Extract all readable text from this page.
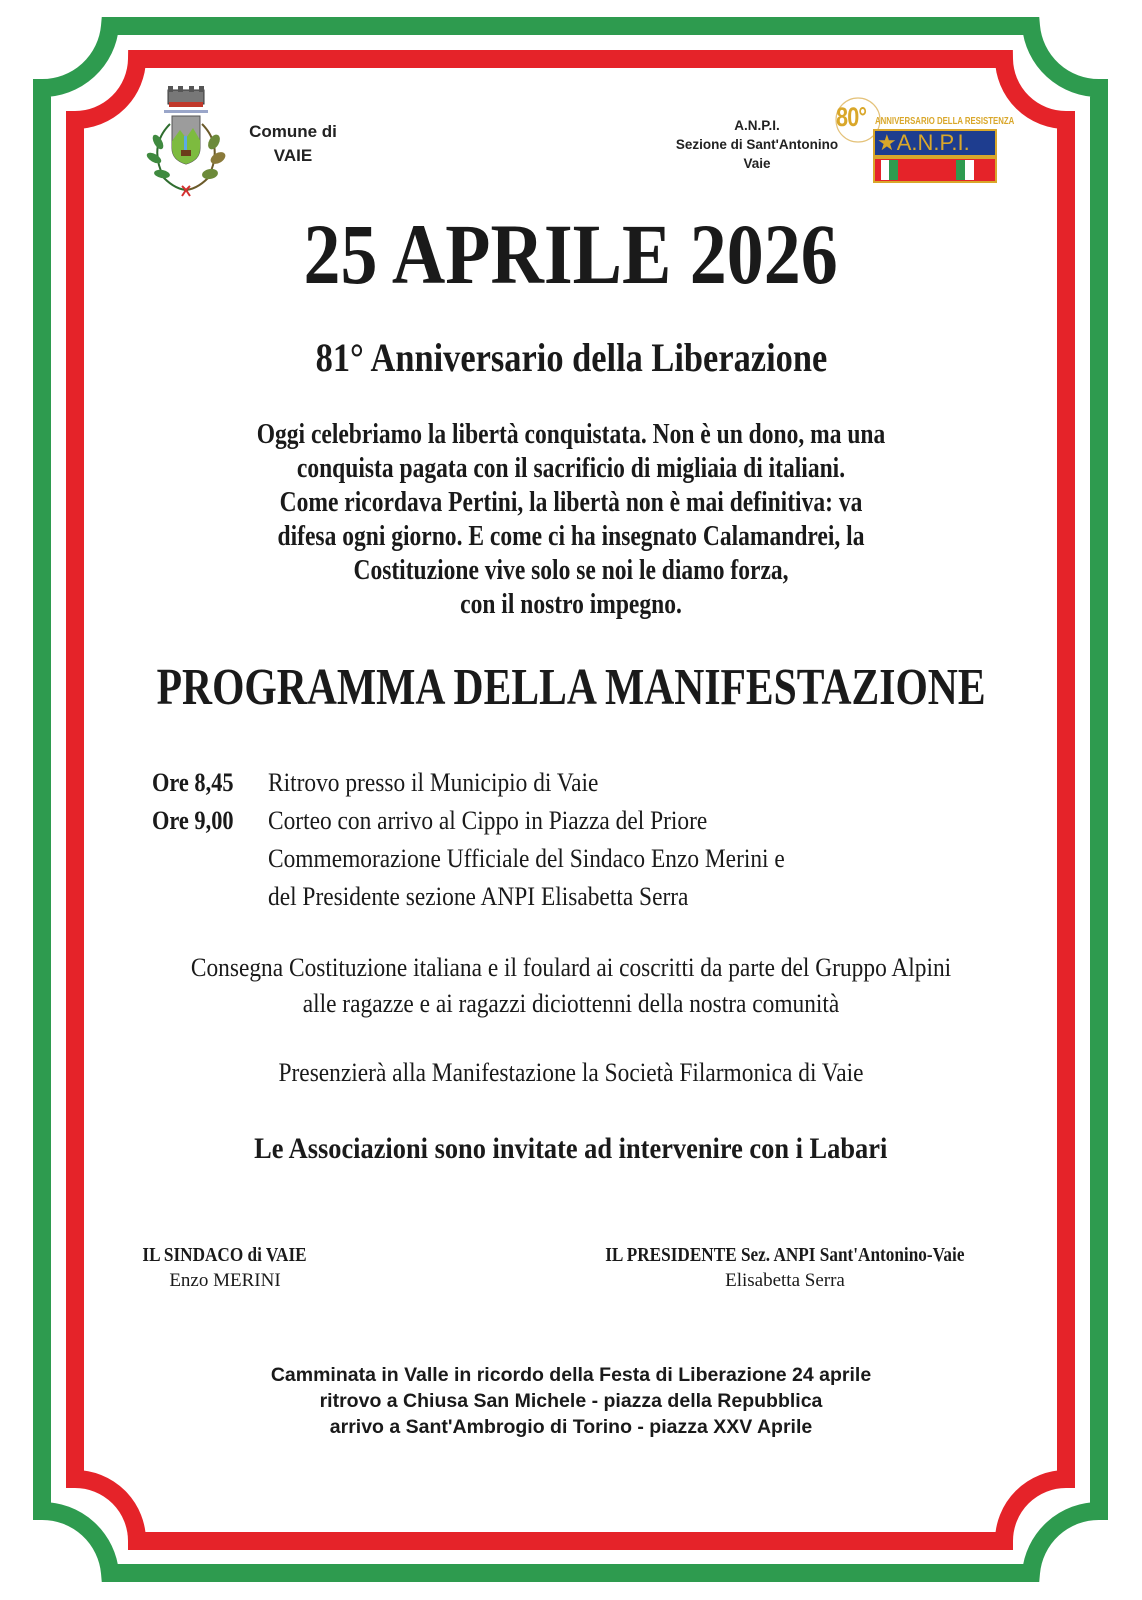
Comune di
VAIE
A.N.P.I.
Sezione di Sant'Antonino
Vaie
80° ANNIVERSARIO DELLA RESISTENZA
★A.N.P.I.
25 APRILE 2026
81° Anniversario della Liberazione
Oggi celebriamo la libertà conquistata. Non è un dono, ma una
conquista pagata con il sacrificio di migliaia di italiani.
Come ricordava Pertini, la libertà non è mai definitiva: va
difesa ogni giorno. E come ci ha insegnato Calamandrei, la
Costituzione vive solo se noi le diamo forza,
con il nostro impegno.
PROGRAMMA DELLA MANIFESTAZIONE
Ore 8,45	Ritrovo presso il Municipio di Vaie
Ore 9,00	Corteo con arrivo al Cippo in Piazza del Priore
Commemorazione Ufficiale del Sindaco Enzo Merini e
del Presidente sezione ANPI Elisabetta Serra
Consegna Costituzione italiana e il foulard ai coscritti da parte del Gruppo Alpini
alle ragazze e ai ragazzi diciottenni della nostra comunità
Presenzierà alla Manifestazione la Società Filarmonica di Vaie
Le Associazioni sono invitate ad intervenire con i Labari
IL SINDACO di VAIE
Enzo MERINI
IL PRESIDENTE Sez. ANPI Sant'Antonino-Vaie
Elisabetta Serra
Camminata in Valle in ricordo della Festa di Liberazione 24 aprile
ritrovo a Chiusa San Michele - piazza della Repubblica
arrivo a Sant'Ambrogio di Torino - piazza XXV Aprile
